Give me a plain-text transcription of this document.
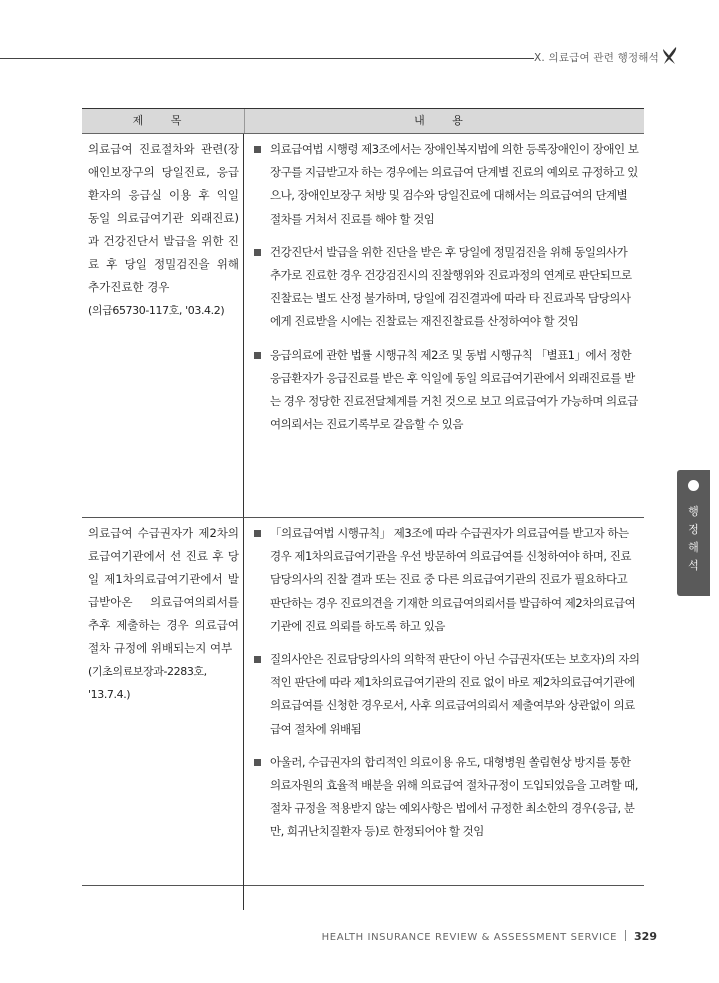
X. 의료급여 관련 행정해석
제 목	내 용
의료급여 진료절차와 관련(장애인보장구의 당일진료, 응급환자의 응급실 이용 후 익일 동일 의료급여기관 외래진료)과 건강진단서 발급을 위한 진료 후 당일 정밀검진을 위해 추가진료한 경우
(의급65730-117호, '03.4.2)
의료급여법 시행령 제3조에서는 장애인복지법에 의한 등록장애인이 장애인 보장구를 지급받고자 하는 경우에는 의료급여 단계별 진료의 예외로 규정하고 있으나, 장애인보장구 처방 및 검수와 당일진료에 대해서는 의료급여의 단계별 절차를 거쳐서 진료를 해야 할 것임
건강진단서 발급을 위한 진단을 받은 후 당일에 정밀검진을 위해 동일의사가 추가로 진료한 경우 건강검진시의 진찰행위와 진료과정의 연계로 판단되므로 진찰료는 별도 산정 불가하며, 당일에 검진결과에 따라 타 진료과목 담당의사에게 진료받을 시에는 진찰료는 재진진찰료를 산정하여야 할 것임
응급의료에 관한 법률 시행규칙 제2조 및 동법 시행규칙 「별표1」에서 정한 응급환자가 응급진료를 받은 후 익일에 동일 의료급여기관에서 외래진료를 받는 경우 정당한 진료전달체계를 거친 것으로 보고 의료급여가 가능하며 의료급여의뢰서는 진료기록부로 갈음할 수 있음
의료급여 수급권자가 제2차의료급여기관에서 선 진료 후 당일 제1차의료급여기관에서 발급받아온 의료급여의뢰서를 추후 제출하는 경우 의료급여 절차 규정에 위배되는지 여부
(기초의료보장과-2283호, '13.7.4.)
「의료급여법 시행규칙」 제3조에 따라 수급권자가 의료급여를 받고자 하는 경우 제1차의료급여기관을 우선 방문하여 의료급여를 신청하여야 하며, 진료담당의사의 진찰 결과 또는 진료 중 다른 의료급여기관의 진료가 필요하다고 판단하는 경우 진료의견을 기재한 의료급여의뢰서를 발급하여 제2차의료급여기관에 진료 의뢰를 하도록 하고 있음
질의사안은 진료담당의사의 의학적 판단이 아닌 수급권자(또는 보호자)의 자의적인 판단에 따라 제1차의료급여기관의 진료 없이 바로 제2차의료급여기관에 의료급여를 신청한 경우로서, 사후 의료급여의뢰서 제출여부와 상관없이 의료급여 절차에 위배됨
아울러, 수급권자의 합리적인 의료이용 유도, 대형병원 쏠림현상 방지를 통한 의료자원의 효율적 배분을 위해 의료급여 절차규정이 도입되었음을 고려할 때, 절차 규정을 적용받지 않는 예외사항은 법에서 규정한 최소한의 경우(응급, 분만, 희귀난치질환자 등)로 한정되어야 할 것임
행
정
해
석
HEALTH INSURANCE REVIEW & ASSESSMENT SERVICE 329
